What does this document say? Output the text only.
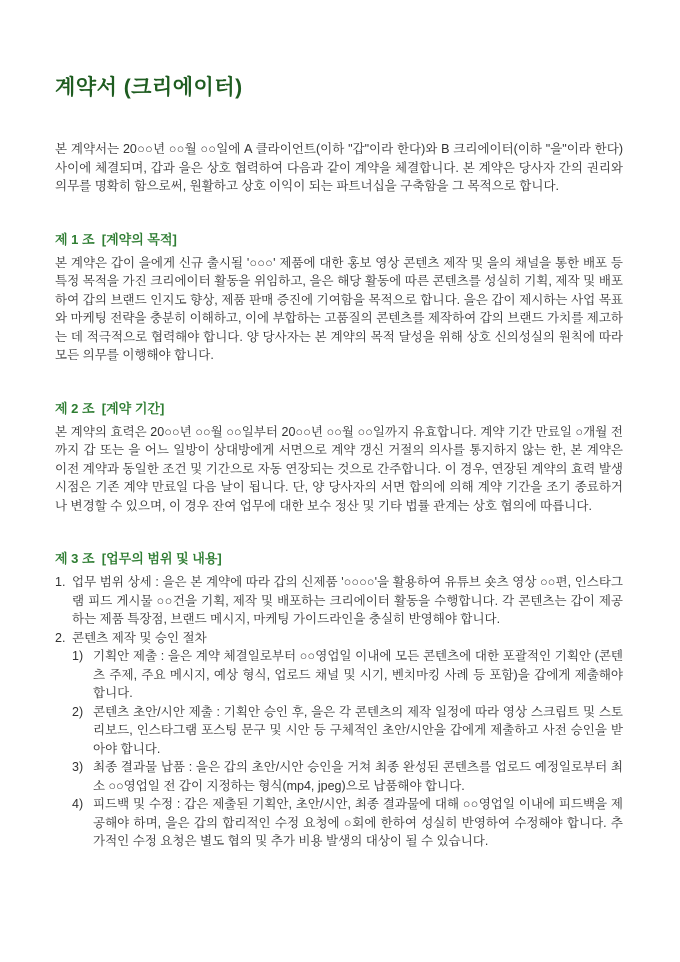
계약서 (크리에이터)

본 계약서는 20○○년 ○○월 ○○일에 A 클라이언트(이하 "갑"이라 한다)와 B 크리에이터(이하 "을"이라 한다) 사이에 체결되며, 갑과 을은 상호 협력하여 다음과 같이 계약을 체결합니다. 본 계약은 당사자 간의 권리와 의무를 명확히 함으로써, 원활하고 상호 이익이 되는 파트너십을 구축함을 그 목적으로 합니다.

제 1 조  [계약의 목적]

본 계약은 갑이 을에게 신규 출시될 '○○○' 제품에 대한 홍보 영상 콘텐츠 제작 및 을의 채널을 통한 배포 등 특정 목적을 가진 크리에이터 활동을 위임하고, 을은 해당 활동에 따른 콘텐츠를 성실히 기획, 제작 및 배포하여 갑의 브랜드 인지도 향상, 제품 판매 증진에 기여함을 목적으로 합니다. 을은 갑이 제시하는 사업 목표와 마케팅 전략을 충분히 이해하고, 이에 부합하는 고품질의 콘텐츠를 제작하여 갑의 브랜드 가치를 제고하는 데 적극적으로 협력해야 합니다. 양 당사자는 본 계약의 목적 달성을 위해 상호 신의성실의 원칙에 따라 모든 의무를 이행해야 합니다.

제 2 조  [계약 기간]

본 계약의 효력은 20○○년 ○○월 ○○일부터 20○○년 ○○월 ○○일까지 유효합니다. 계약 기간 만료일 ○개월 전까지 갑 또는 을 어느 일방이 상대방에게 서면으로 계약 갱신 거절의 의사를 통지하지 않는 한, 본 계약은 이전 계약과 동일한 조건 및 기간으로 자동 연장되는 것으로 간주합니다. 이 경우, 연장된 계약의 효력 발생 시점은 기존 계약 만료일 다음 날이 됩니다. 단, 양 당사자의 서면 합의에 의해 계약 기간을 조기 종료하거나 변경할 수 있으며, 이 경우 잔여 업무에 대한 보수 정산 및 기타 법률 관계는 상호 협의에 따릅니다.

제 3 조  [업무의 범위 및 내용]
1. 업무 범위 상세 : 을은 본 계약에 따라 갑의 신제품 '○○○○'을 활용하여 유튜브 숏츠 영상 ○○편, 인스타그램 피드 게시물 ○○건을 기획, 제작 및 배포하는 크리에이터 활동을 수행합니다. 각 콘텐츠는 갑이 제공하는 제품 특장점, 브랜드 메시지, 마케팅 가이드라인을 충실히 반영해야 합니다.

2. 콘텐츠 제작 및 승인 절차

1) 기획안 제출 : 을은 계약 체결일로부터 ○○영업일 이내에 모든 콘텐츠에 대한 포괄적인 기획안 (콘텐츠 주제, 주요 메시지, 예상 형식, 업로드 채널 및 시기, 벤치마킹 사례 등 포함)을 갑에게 제출해야 합니다.

2) 콘텐츠 초안/시안 제출 : 기획안 승인 후, 을은 각 콘텐츠의 제작 일정에 따라 영상 스크립트 및 스토리보드, 인스타그램 포스팅 문구 및 시안 등 구체적인 초안/시안을 갑에게 제출하고 사전 승인을 받아야 합니다.

3) 최종 결과물 납품 : 을은 갑의 초안/시안 승인을 거쳐 최종 완성된 콘텐츠를 업로드 예정일로부터 최소 ○○영업일 전 갑이 지정하는 형식(mp4, jpeg)으로 납품해야 합니다.

4) 피드백 및 수정 : 갑은 제출된 기획안, 초안/시안, 최종 결과물에 대해 ○○영업일 이내에 피드백을 제공해야 하며, 을은 갑의 합리적인 수정 요청에 ○회에 한하여 성실히 반영하여 수정해야 합니다. 추가적인 수정 요청은 별도 협의 및 추가 비용 발생의 대상이 될 수 있습니다.
